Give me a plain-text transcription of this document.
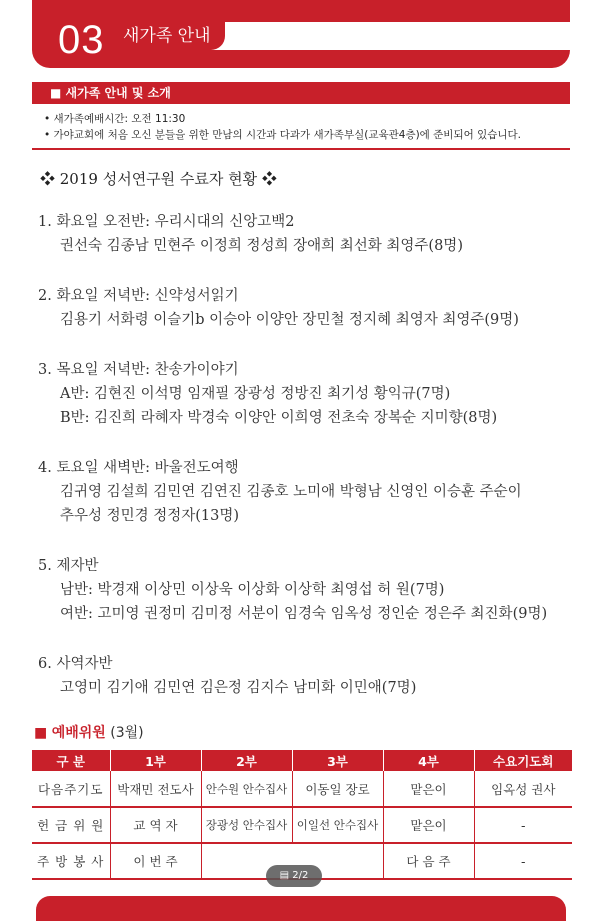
03	새가족 안내
■ 새가족 안내 및 소개
• 새가족예배시간: 오전 11:30
• 가야교회에 처음 오신 분들을 위한 만남의 시간과 다과가 새가족부실(교육관4층)에 준비되어 있습니다.
❖ 2019 성서연구원 수료자 현황 ❖
1. 화요일 오전반: 우리시대의 신앙고백2
권선숙 김종남 민현주 이정희 정성희 장애희 최선화 최영주(8명)
2. 화요일 저녁반: 신약성서읽기
김용기 서화령 이슬기b 이승아 이양안 장민철 정지혜 최영자 최영주(9명)
3. 목요일 저녁반: 찬송가이야기
A반: 김현진 이석명 임재필 장광성 정방진 최기성 황익규(7명)
B반: 김진희 라혜자 박경숙 이양안 이희영 전초숙 장복순 지미향(8명)
4. 토요일 새벽반: 바울전도여행
김귀영 김설희 김민연 김연진 김종호 노미애 박형남 신영인 이승훈 주순이
추우성 정민경 정정자(13명)
5. 제자반
남반: 박경재 이상민 이상욱 이상화 이상학 최영섭 허 원(7명)
여반: 고미영 권정미 김미정 서분이 임경숙 임옥성 정인순 정은주 최진화(9명)
6. 사역자반
고영미 김기애 김민연 김은정 김지수 남미화 이민애(7명)
■ 예배위원 (3월)
구 분	1부	2부	3부	4부	수요기도회
다음주기도	박재민 전도사	안수원 안수집사	이동일 장로	맡은이	임옥성 권사
헌 금 위 원	교 역 자	장광성 안수집사	이일선 안수집사	맡은이	-
주 방 봉 사	이 번 주			다 음 주	-
▤ 2/2
